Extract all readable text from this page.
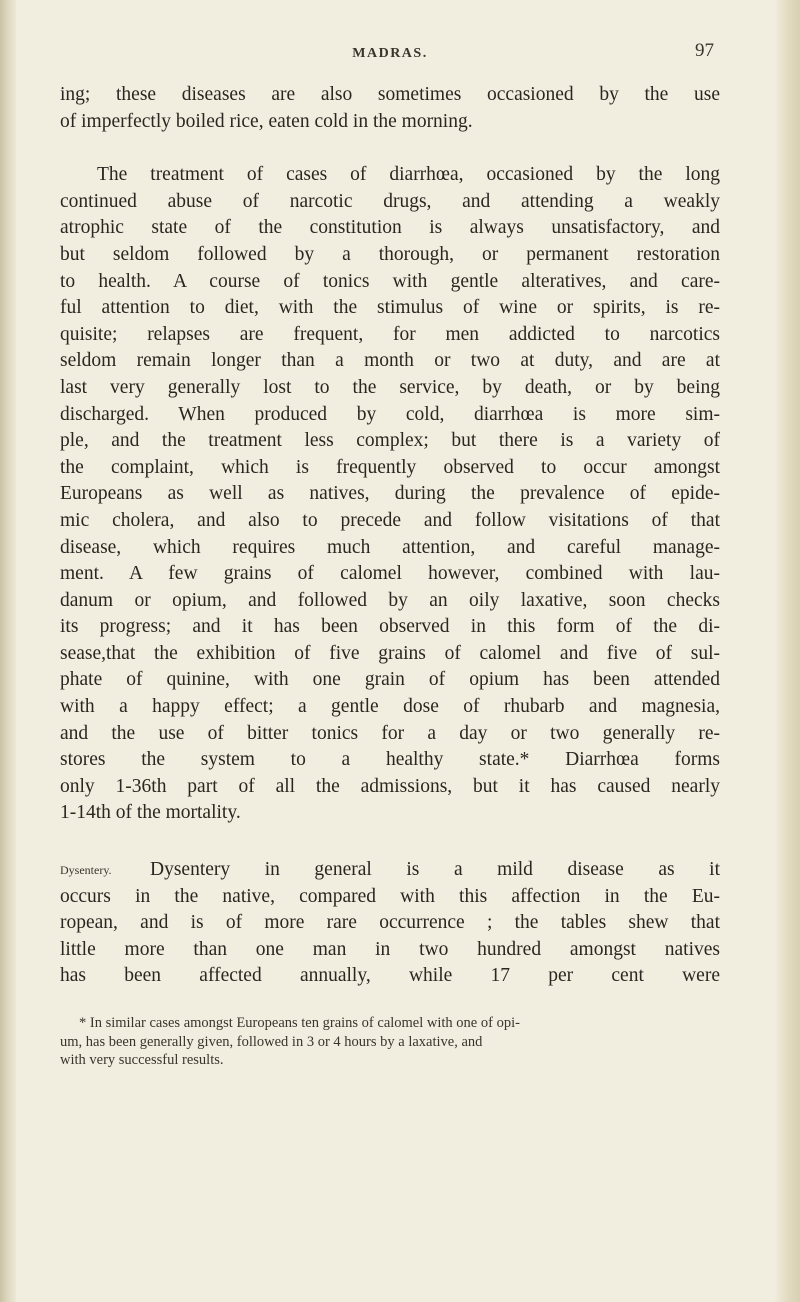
MADRAS.	97

ing; these diseases are also sometimes occasioned by the use
of imperfectly boiled rice, eaten cold in the morning.

The treatment of cases of diarrhœa, occasioned by the long
continued abuse of narcotic drugs, and attending a weakly
atrophic state of the constitution is always unsatisfactory, and
but seldom followed by a thorough, or permanent restoration
to health. A course of tonics with gentle alteratives, and care-
ful attention to diet, with the stimulus of wine or spirits, is re-
quisite; relapses are frequent, for men addicted to narcotics
seldom remain longer than a month or two at duty, and are at
last very generally lost to the service, by death, or by being
discharged. When produced by cold, diarrhœa is more sim-
ple, and the treatment less complex; but there is a variety of
the complaint, which is frequently observed to occur amongst
Europeans as well as natives, during the prevalence of epide-
mic cholera, and also to precede and follow visitations of that
disease, which requires much attention, and careful manage-
ment. A few grains of calomel however, combined with lau-
danum or opium, and followed by an oily laxative, soon checks
its progress; and it has been observed in this form of the di-
sease,that the exhibition of five grains of calomel and five of sul-
phate of quinine, with one grain of opium has been attended
with a happy effect; a gentle dose of rhubarb and magnesia,
and the use of bitter tonics for a day or two generally re-
stores the system to a healthy state.* Diarrhœa forms
only 1-36th part of all the admissions, but it has caused nearly
1-14th of the mortality.

Dysentery.	Dysentery in general is a mild disease as it
occurs in the native, compared with this affection in the Eu-
ropean, and is of more rare occurrence ; the tables shew that
little more than one man in two hundred amongst natives
has been affected annually, while 17 per cent were

* In similar cases amongst Europeans ten grains of calomel with one of opi-
um, has been generally given, followed in 3 or 4 hours by a laxative, and
with very successful results.
